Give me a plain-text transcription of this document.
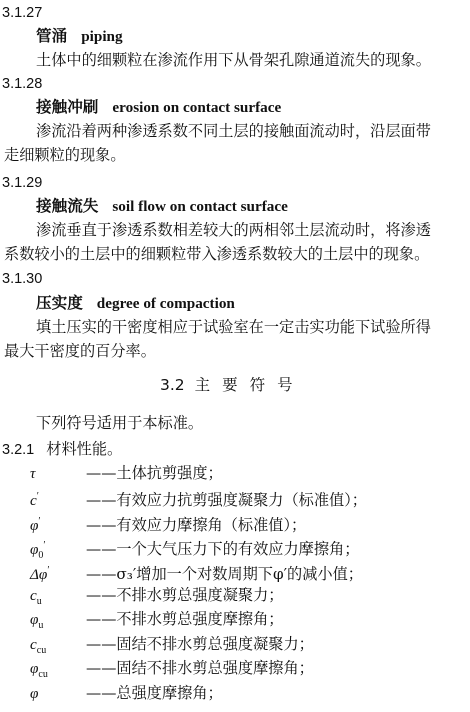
3.1.27
管涌 piping
土体中的细颗粒在渗流作用下从骨架孔隙通道流失的现象。
3.1.28
接触冲刷 erosion on contact surface
渗流沿着两种渗透系数不同土层的接触面流动时，沿层面带
走细颗粒的现象。
3.1.29
接触流失 soil flow on contact surface
渗流垂直于渗透系数相差较大的两相邻土层流动时，将渗透
系数较小的土层中的细颗粒带入渗透系数较大的土层中的现象。
3.1.30
压实度 degree of compaction
填土压实的干密度相应于试验室在一定击实功能下试验所得
最大干密度的百分率。
3.2 主要符号
下列符号适用于本标准。
3.2.1 材料性能。
τ	——土体抗剪强度；
c′	——有效应力抗剪强度凝聚力（标准值）；
φ′	——有效应力摩擦角（标准值）；
$\varphi_0'$	——一个大气压力下的有效应力摩擦角；
Δφ′ ——σ₃′增加一个对数周期下φ′的减小值；
$c_u$	——不排水剪总强度凝聚力；
$\varphi_u$	——不排水剪总强度摩擦角；
$c_{cu}$	——固结不排水剪总强度凝聚力；
$\varphi_{cu}$	——固结不排水剪总强度摩擦角；
φ	——总强度摩擦角；
